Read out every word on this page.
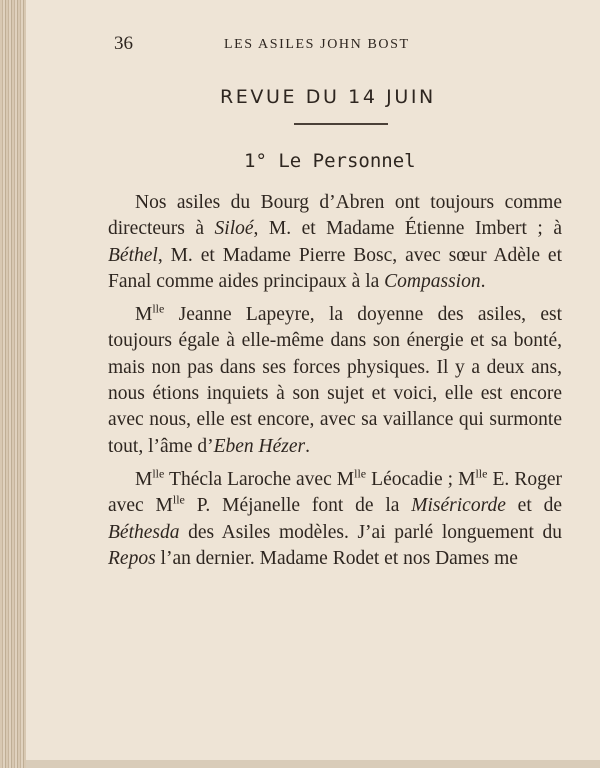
36	LES ASILES JOHN BOST
REVUE DU 14 JUIN
1° Le Personnel

Nos asiles du Bourg d’Abren ont toujours comme directeurs à Siloé, M. et Madame Étienne Imbert ; à Béthel, M. et Madame Pierre Bosc, avec sœur Adèle et Fanal comme aides principaux à la Compassion.

$M^{lle}$ Jeanne Lapeyre, la doyenne des asiles, est toujours égale à elle-même dans son énergie et sa bonté, mais non pas dans ses forces physiques. Il y a deux ans, nous étions inquiets à son sujet et voici, elle est encore avec nous, elle est encore, avec sa vaillance qui surmonte tout, l’âme d’Eben Hézer.

$M^{lle}$ Thécla Laroche avec $M^{lle}$ Léocadie ; $M^{lle}$ E. Roger avec $M^{lle}$ P. Méjanelle font de la Miséricorde et de Béthesda des Asiles modèles. J’ai parlé longuement du Repos l’an dernier. Madame Rodet et nos Dames me
